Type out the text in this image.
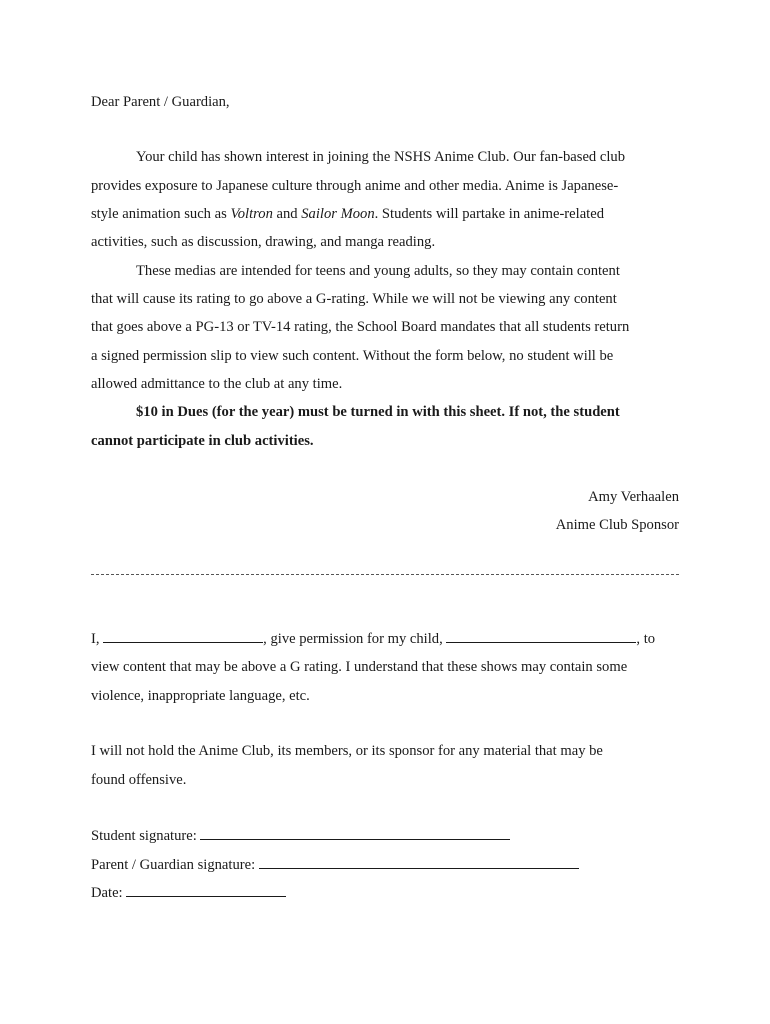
Dear Parent / Guardian,
Your child has shown interest in joining the NSHS Anime Club. Our fan-based club
provides exposure to Japanese culture through anime and other media. Anime is Japanese-
style animation such as Voltron and Sailor Moon. Students will partake in anime-related
activities, such as discussion, drawing, and manga reading.
These medias are intended for teens and young adults, so they may contain content
that will cause its rating to go above a G-rating. While we will not be viewing any content
that goes above a PG-13 or TV-14 rating, the School Board mandates that all students return
a signed permission slip to view such content. Without the form below, no student will be
allowed admittance to the club at any time.
$10 in Dues (for the year) must be turned in with this sheet. If not, the student
cannot participate in club activities.
Amy Verhaalen
Anime Club Sponsor
I,	, give permission for my child,	, to
view content that may be above a G rating. I understand that these shows may contain some
violence, inappropriate language, etc.
I will not hold the Anime Club, its members, or its sponsor for any material that may be
found offensive.
Student signature:
Parent / Guardian signature:
Date:
